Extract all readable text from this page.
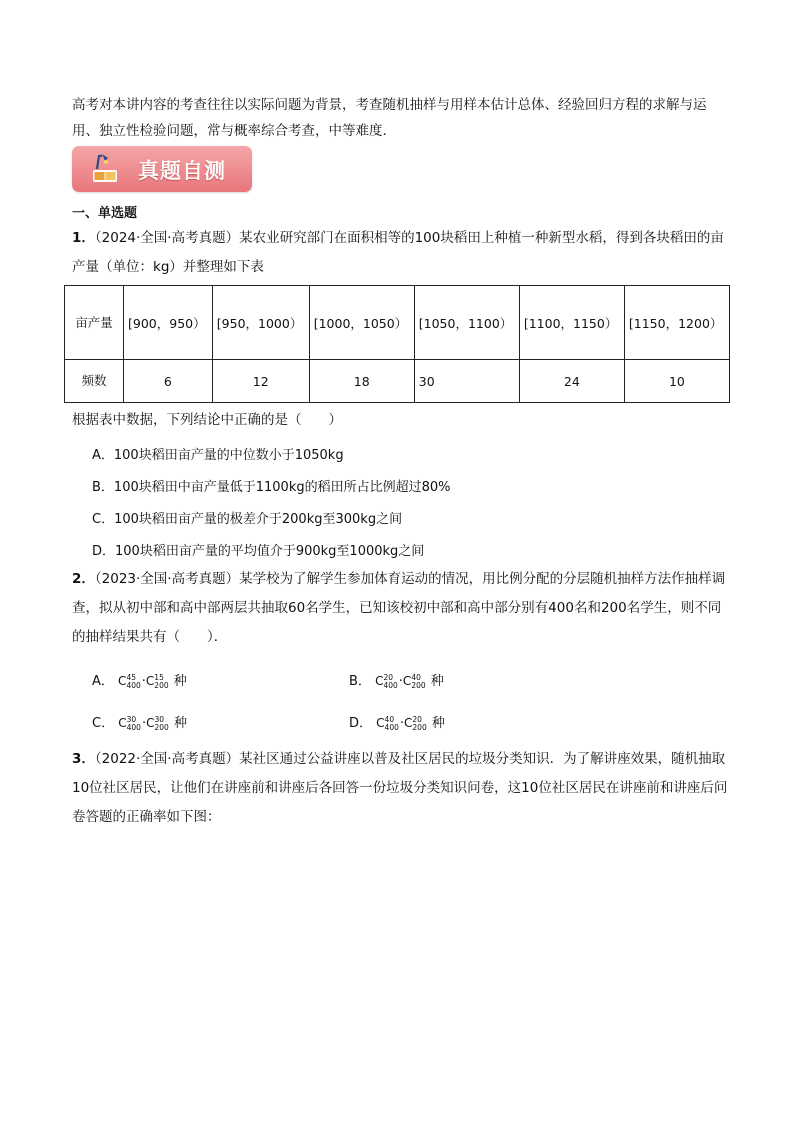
高考对本讲内容的考查往往以实际问题为背景，考查随机抽样与用样本估计总体、经验回归方程的求解与运用、独立性检验问题，常与概率综合考查，中等难度．
真题自测
一、单选题
1．（2024·全国·高考真题）某农业研究部门在面积相等的100块稻田上种植一种新型水稻，得到各块稻田的亩产量（单位：kg）并整理如下表
亩产量	[900，950）	[950，1000）	[1000，1050）	[1050，1100）	[1100，1150）	[1150，1200）
频数	6	12	18	30	24	10
根据表中数据，下列结论中正确的是（　　）
A．100块稻田亩产量的中位数小于1050kg
B．100块稻田中亩产量低于1100kg的稻田所占比例超过80%
C．100块稻田亩产量的极差介于200kg至300kg之间
D．100块稻田亩产量的平均值介于900kg至1000kg之间
2．（2023·全国·高考真题）某学校为了解学生参加体育运动的情况，用比例分配的分层随机抽样方法作抽样调查，拟从初中部和高中部两层共抽取60名学生，已知该校初中部和高中部分别有400名和200名学生，则不同的抽样结果共有（　　）．
A． C 45
400 ·C 15
200 种	B． C 20
400 ·C 40
200 种
C． C 30
400 ·C 30
200 种	D． C 40
400 ·C 20
200 种
3．（2022·全国·高考真题）某社区通过公益讲座以普及社区居民的垃圾分类知识．为了解讲座效果，随机抽取10位社区居民，让他们在讲座前和讲座后各回答一份垃圾分类知识问卷，这10位社区居民在讲座前和讲座后问卷答题的正确率如下图：
